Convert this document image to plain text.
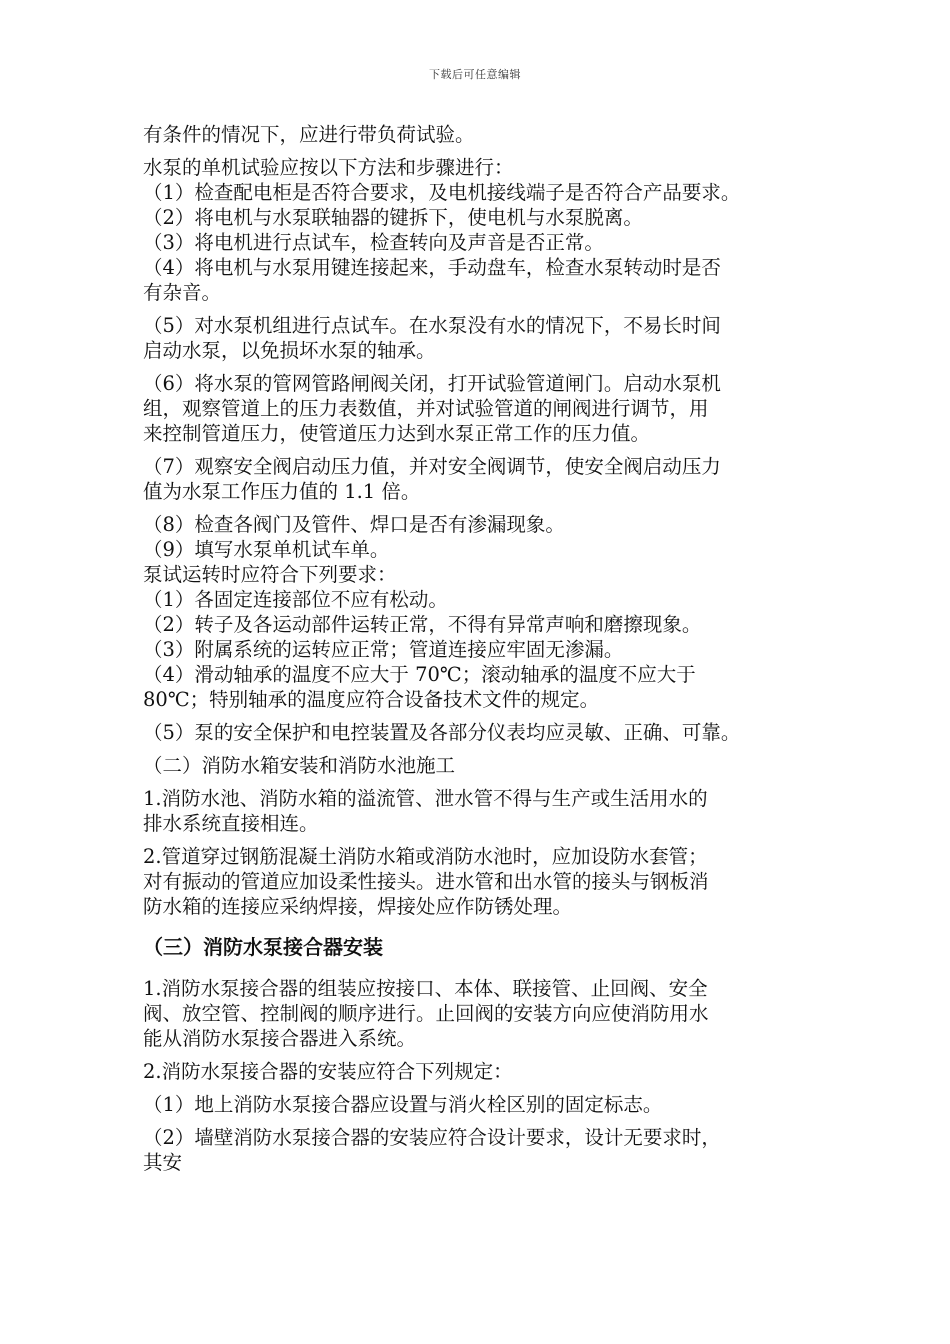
下载后可任意编辑

有条件的情况下，应进行带负荷试验。

水泵的单机试验应按以下方法和步骤进行：

（1）检查配电柜是否符合要求，及电机接线端子是否符合产品要求。

（2）将电机与水泵联轴器的键拆下，使电机与水泵脱离。

（3）将电机进行点试车，检查转向及声音是否正常。

（4）将电机与水泵用键连接起来，手动盘车，检查水泵转动时是否

有杂音。

（5）对水泵机组进行点试车。在水泵没有水的情况下，不易长时间

启动水泵，以免损坏水泵的轴承。

（6）将水泵的管网管路闸阀关闭，打开试验管道闸门。启动水泵机

组，观察管道上的压力表数值，并对试验管道的闸阀进行调节，用

来控制管道压力，使管道压力达到水泵正常工作的压力值。

（7）观察安全阀启动压力值，并对安全阀调节，使安全阀启动压力

值为水泵工作压力值的 1.1 倍。

（8）检查各阀门及管件、焊口是否有渗漏现象。

（9）填写水泵单机试车单。

泵试运转时应符合下列要求：

（1）各固定连接部位不应有松动。

（2）转子及各运动部件运转正常，不得有异常声响和磨擦现象。

（3）附属系统的运转应正常；管道连接应牢固无渗漏。

（4）滑动轴承的温度不应大于 70℃；滚动轴承的温度不应大于

80℃；特别轴承的温度应符合设备技术文件的规定。

（5）泵的安全保护和电控装置及各部分仪表均应灵敏、正确、可靠。

（二）消防水箱安装和消防水池施工

1.消防水池、消防水箱的溢流管、泄水管不得与生产或生活用水的

排水系统直接相连。

2.管道穿过钢筋混凝土消防水箱或消防水池时，应加设防水套管；

对有振动的管道应加设柔性接头。进水管和出水管的接头与钢板消

防水箱的连接应采纳焊接，焊接处应作防锈处理。

（三）消防水泵接合器安装

1.消防水泵接合器的组装应按接口、本体、联接管、止回阀、安全

阀、放空管、控制阀的顺序进行。止回阀的安装方向应使消防用水

能从消防水泵接合器进入系统。

2.消防水泵接合器的安装应符合下列规定：

（1）地上消防水泵接合器应设置与消火栓区别的固定标志。

（2）墙壁消防水泵接合器的安装应符合设计要求，设计无要求时，

其安
